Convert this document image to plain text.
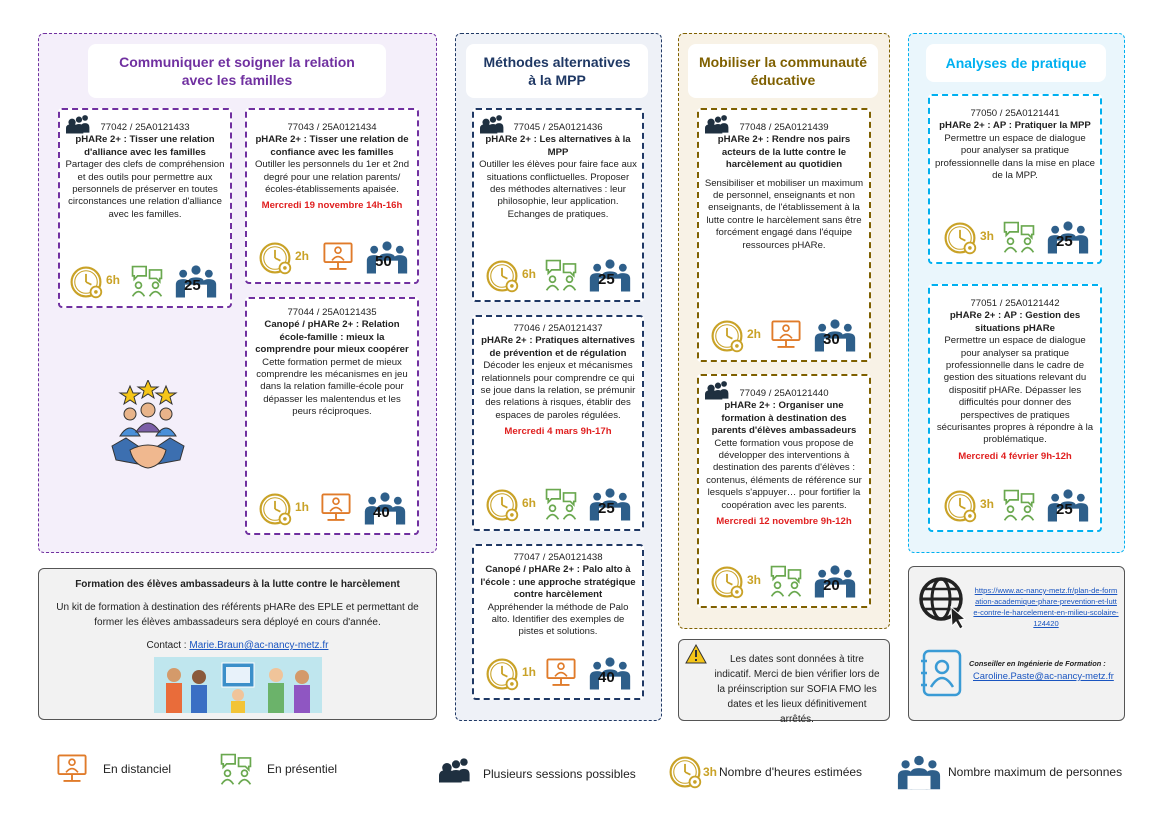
Communiquer et soigner la relation
avec les familles
Méthodes alternatives
à la MPP
Mobiliser la communauté
éducative
Analyses de pratique
77042 / 25A0121433
pHARe 2+ : Tisser une relation d'alliance avec les familles
Partager des clefs de compréhension et des outils pour permettre aux personnels de préserver en toutes circonstances une relation d'alliance avec les familles.
6h	25
77043 / 25A0121434
pHARe 2+ : Tisser une relation de confiance avec les familles
Outiller les personnels du 1er et 2nd degré pour une relation parents/écoles-établissements apaisée.
Mercredi 19 novembre 14h-16h
2h	50
77044 / 25A0121435
Canopé / pHARe 2+ : Relation école-famille : mieux la comprendre pour mieux coopérer
Cette formation permet de mieux comprendre les mécanismes en jeu dans la relation famille-école pour dépasser les malentendus et les peurs réciproques.
1h	40
77045 / 25A0121436
pHARe 2+ : Les alternatives à la MPP
Outiller les élèves pour faire face aux situations conflictuelles. Proposer des méthodes alternatives : leur philosophie, leur application. Echanges de pratiques.
6h	25
77046 / 25A0121437
pHARe 2+ : Pratiques alternatives de prévention et de régulation
Décoder les enjeux et mécanismes relationnels pour comprendre ce qui se joue dans la relation, se prémunir des relations à risques, établir des espaces de paroles régulées.
Mercredi 4 mars 9h-17h
6h	25
77047 / 25A0121438
Canopé / pHARe 2+ : Palo alto à l'école : une approche stratégique contre harcèlement
Appréhender la méthode de Palo alto. Identifier des exemples de pistes et solutions.
1h	40
77048 / 25A0121439
pHARe 2+ : Rendre nos pairs acteurs de la lutte contre le harcèlement au quotidien
Sensibiliser et mobiliser un maximum de personnel, enseignants et non enseignants, de l'établissement à la lutte contre le harcèlement sans être forcément engagé dans l'équipe ressources pHARe.
2h	30
77049 / 25A0121440
pHARe 2+ : Organiser une formation à destination des parents d'élèves ambassadeurs
Cette formation vous propose de développer des interventions à destination des parents d'élèves : contenus, éléments de référence sur lesquels s'appuyer… pour fortifier la coopération avec les parents.
Mercredi 12 novembre 9h-12h
3h	20
77050 / 25A0121441
pHARe 2+ : AP : Pratiquer la MPP
Permettre un espace de dialogue pour analyser sa pratique professionnelle dans la mise en place de la MPP.
3h	25
77051 / 25A0121442
pHARe 2+ : AP : Gestion des situations pHARe
Permettre un espace de dialogue pour analyser sa pratique professionnelle dans le cadre de gestion des situations relevant du dispositif pHARe. Dépasser les difficultés pour donner des perspectives de pratiques sécurisantes propres à répondre à la problématique.
Mercredi 4 février 9h-12h
3h	25
Formation des élèves ambassadeurs à la lutte contre le harcèlement
Un kit de formation à destination des référents pHARe des EPLE et permettant de former les élèves ambassadeurs sera déployé en cours d'année.
Contact : Marie.Braun@ac-nancy-metz.fr
Les dates sont données à titre indicatif. Merci de bien vérifier lors de la préinscription sur SOFIA FMO les dates et les lieux définitivement arrêtés.
https://www.ac-nancy-metz.fr/plan-de-formation-academique-phare-prevention-et-lutte-contre-le-harcelement-en-milieu-scolaire-124420
Conseiller en Ingénierie de Formation :
Caroline.Paste@ac-nancy-metz.fr
En distanciel	En présentiel	Plusieurs sessions possibles	3h Nombre d'heures estimées	Nombre maximum de personnes
